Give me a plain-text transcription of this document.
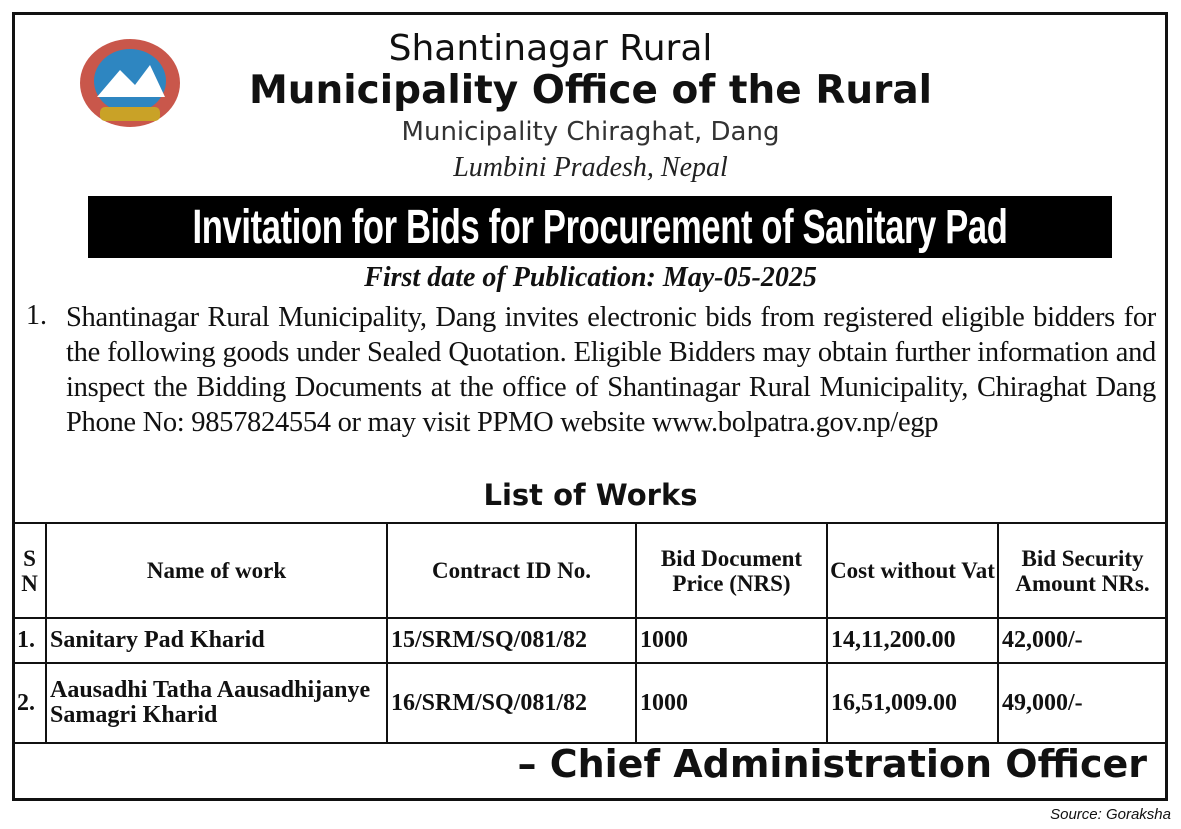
Shantinagar Rural
Municipality Office of the Rural
Municipality Chiraghat, Dang
Lumbini Pradesh, Nepal
Invitation for Bids for Procurement of Sanitary Pad
First date of Publication: May-05-2025
1. Shantinagar Rural Municipality, Dang invites electronic bids from registered eligible bidders for the following goods under Sealed Quotation. Eligible Bidders may obtain further information and inspect the Bidding Documents at the office of Shantinagar Rural Municipality, Chiraghat Dang Phone No: 9857824554 or may visit PPMO website www.bolpatra.gov.np/egp
List of Works
S N	Name of work	Contract ID No.	Bid Document Price (NRS)	Cost without Vat	Bid Security Amount NRs.
1.	Sanitary Pad Kharid	15/SRM/SQ/081/82	1000	14,11,200.00	42,000/-
2.	Aausadhi Tatha Aausadhijanye Samagri Kharid	16/SRM/SQ/081/82	1000	16,51,009.00	49,000/-
– Chief Administration Officer
Source: Goraksha
